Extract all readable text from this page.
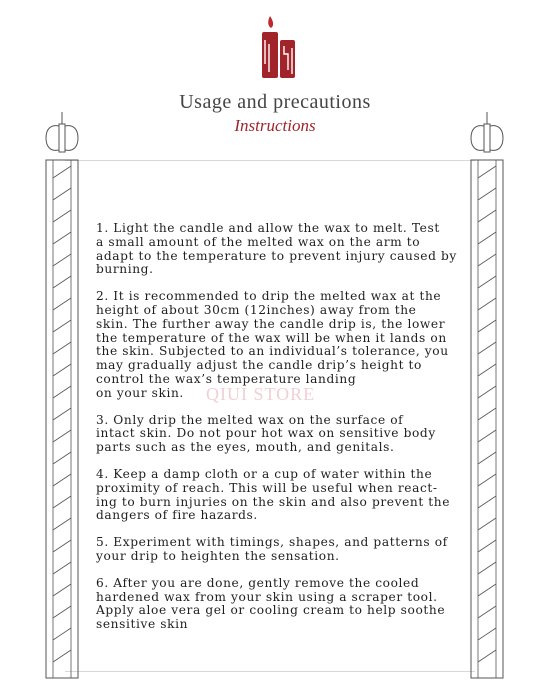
Usage and precautions
Instructions
QIUI STORE

1. Light the candle and allow the wax to melt. Test
a small amount of the melted wax on the arm to
adapt to the temperature to prevent injury caused by
burning.

2. It is recommended to drip the melted wax at the
height of about 30cm (12inches) away from the
skin. The further away the candle drip is, the lower
the temperature of the wax will be when it lands on
the skin. Subjected to an individual’s tolerance, you
may gradually adjust the candle drip’s height to
control the wax’s temperature landing
on your skin.

3. Only drip the melted wax on the surface of
intact skin. Do not pour hot wax on sensitive body
parts such as the eyes, mouth, and genitals.

4. Keep a damp cloth or a cup of water within the
proximity of reach. This will be useful when react-
ing to burn injuries on the skin and also prevent the
dangers of fire hazards.

5. Experiment with timings, shapes, and patterns of
your drip to heighten the sensation.

6. After you are done, gently remove the cooled
hardened wax from your skin using a scraper tool.
Apply aloe vera gel or cooling cream to help soothe
sensitive skin
